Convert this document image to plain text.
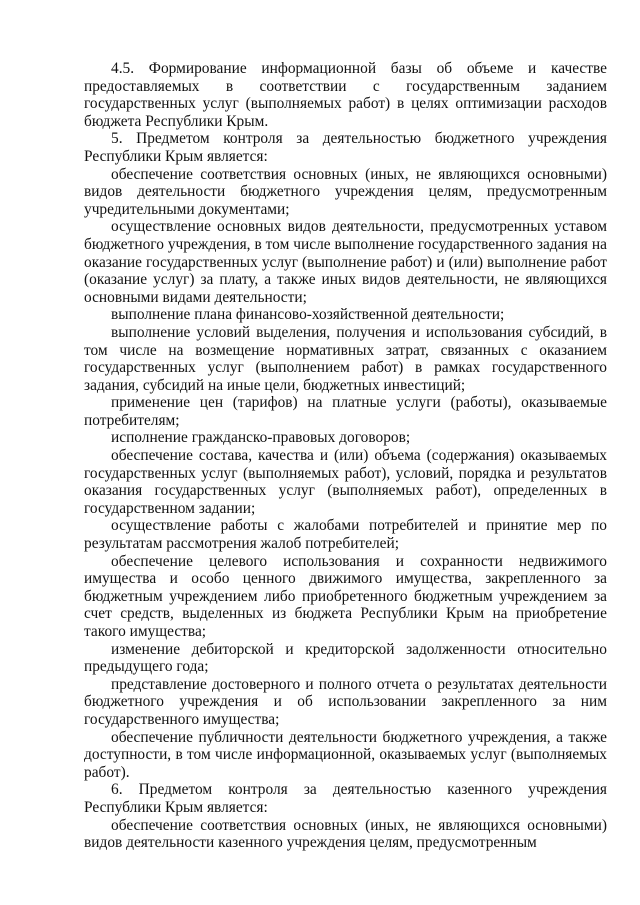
4.5. Формирование информационной базы об объеме и качестве предоставляемых в соответствии с государственным заданием государственных услуг (выполняемых работ) в целях оптимизации расходов бюджета Республики Крым.

5. Предметом контроля за деятельностью бюджетного учреждения Республики Крым является:

обеспечение соответствия основных (иных, не являющихся основными) видов деятельности бюджетного учреждения целям, предусмотренным учредительными документами;

осуществление основных видов деятельности, предусмотренных уставом бюджетного учреждения, в том числе выполнение государственного задания на оказание государственных услуг (выполнение работ) и (или) выполнение работ (оказание услуг) за плату, а также иных видов деятельности, не являющихся основными видами деятельности;

выполнение плана финансово-хозяйственной деятельности;

выполнение условий выделения, получения и использования субсидий, в том числе на возмещение нормативных затрат, связанных с оказанием государственных услуг (выполнением работ) в рамках государственного задания, субсидий на иные цели, бюджетных инвестиций;

применение цен (тарифов) на платные услуги (работы), оказываемые потребителям;

исполнение гражданско-правовых договоров;

обеспечение состава, качества и (или) объема (содержания) оказываемых государственных услуг (выполняемых работ), условий, порядка и результатов оказания государственных услуг (выполняемых работ), определенных в государственном задании;

осуществление работы с жалобами потребителей и принятие мер по результатам рассмотрения жалоб потребителей;

обеспечение целевого использования и сохранности недвижимого имущества и особо ценного движимого имущества, закрепленного за бюджетным учреждением либо приобретенного бюджетным учреждением за счет средств, выделенных из бюджета Республики Крым на приобретение такого имущества;

изменение дебиторской и кредиторской задолженности относительно предыдущего года;

представление достоверного и полного отчета о результатах деятельности бюджетного учреждения и об использовании закрепленного за ним государственного имущества;

обеспечение публичности деятельности бюджетного учреждения, а также доступности, в том числе информационной, оказываемых услуг (выполняемых работ).

6. Предметом контроля за деятельностью казенного учреждения Республики Крым является:

обеспечение соответствия основных (иных, не являющихся основными) видов деятельности казенного учреждения целям, предусмотренным
